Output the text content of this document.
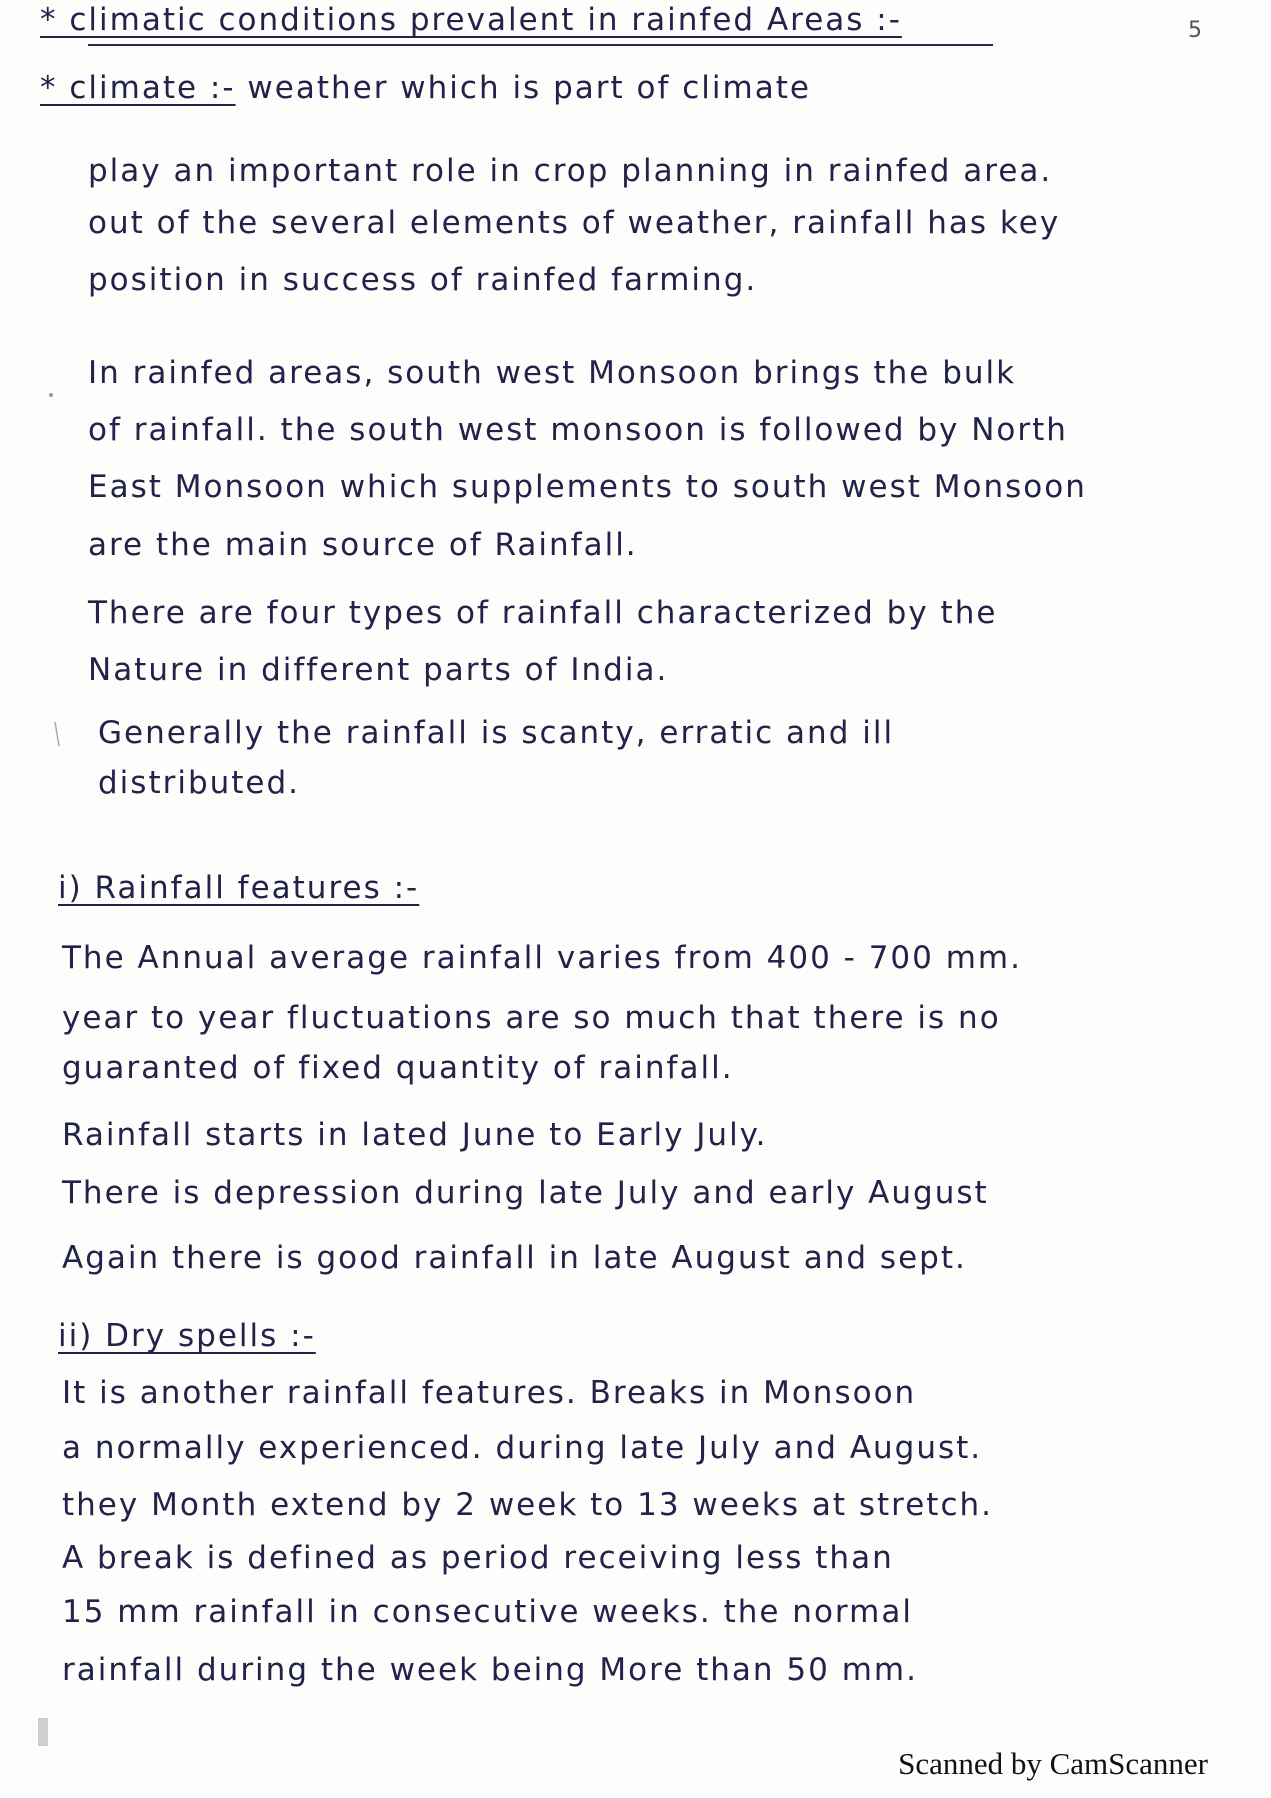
* climatic conditions prevalent in rainfed Areas :-	5
* climate :- weather which is part of climate
play an important role in crop planning in rainfed area.
out of the several elements of weather, rainfall has key
position in success of rainfed farming.
In rainfed areas, south west Monsoon brings the bulk
of rainfall. the south west monsoon is followed by North
East Monsoon which supplements to south west Monsoon
are the main source of Rainfall.
There are four types of rainfall characterized by the
Nature in different parts of India.
Generally the rainfall is scanty, erratic and ill
distributed.
i) Rainfall features :-
The Annual average rainfall varies from 400 - 700 mm.
year to year fluctuations are so much that there is no
guaranted of fixed quantity of rainfall.
Rainfall starts in lated June to Early July.
There is depression during late July and early August
Again there is good rainfall in late August and sept.
ii) Dry spells :-
It is another rainfall features. Breaks in Monsoon
a normally experienced. during late July and August.
they Month extend by 2 week to 13 weeks at stretch.
A break is defined as period receiving less than
15 mm rainfall in consecutive weeks. the normal
rainfall during the week being More than 50 mm.
Scanned by CamScanner
